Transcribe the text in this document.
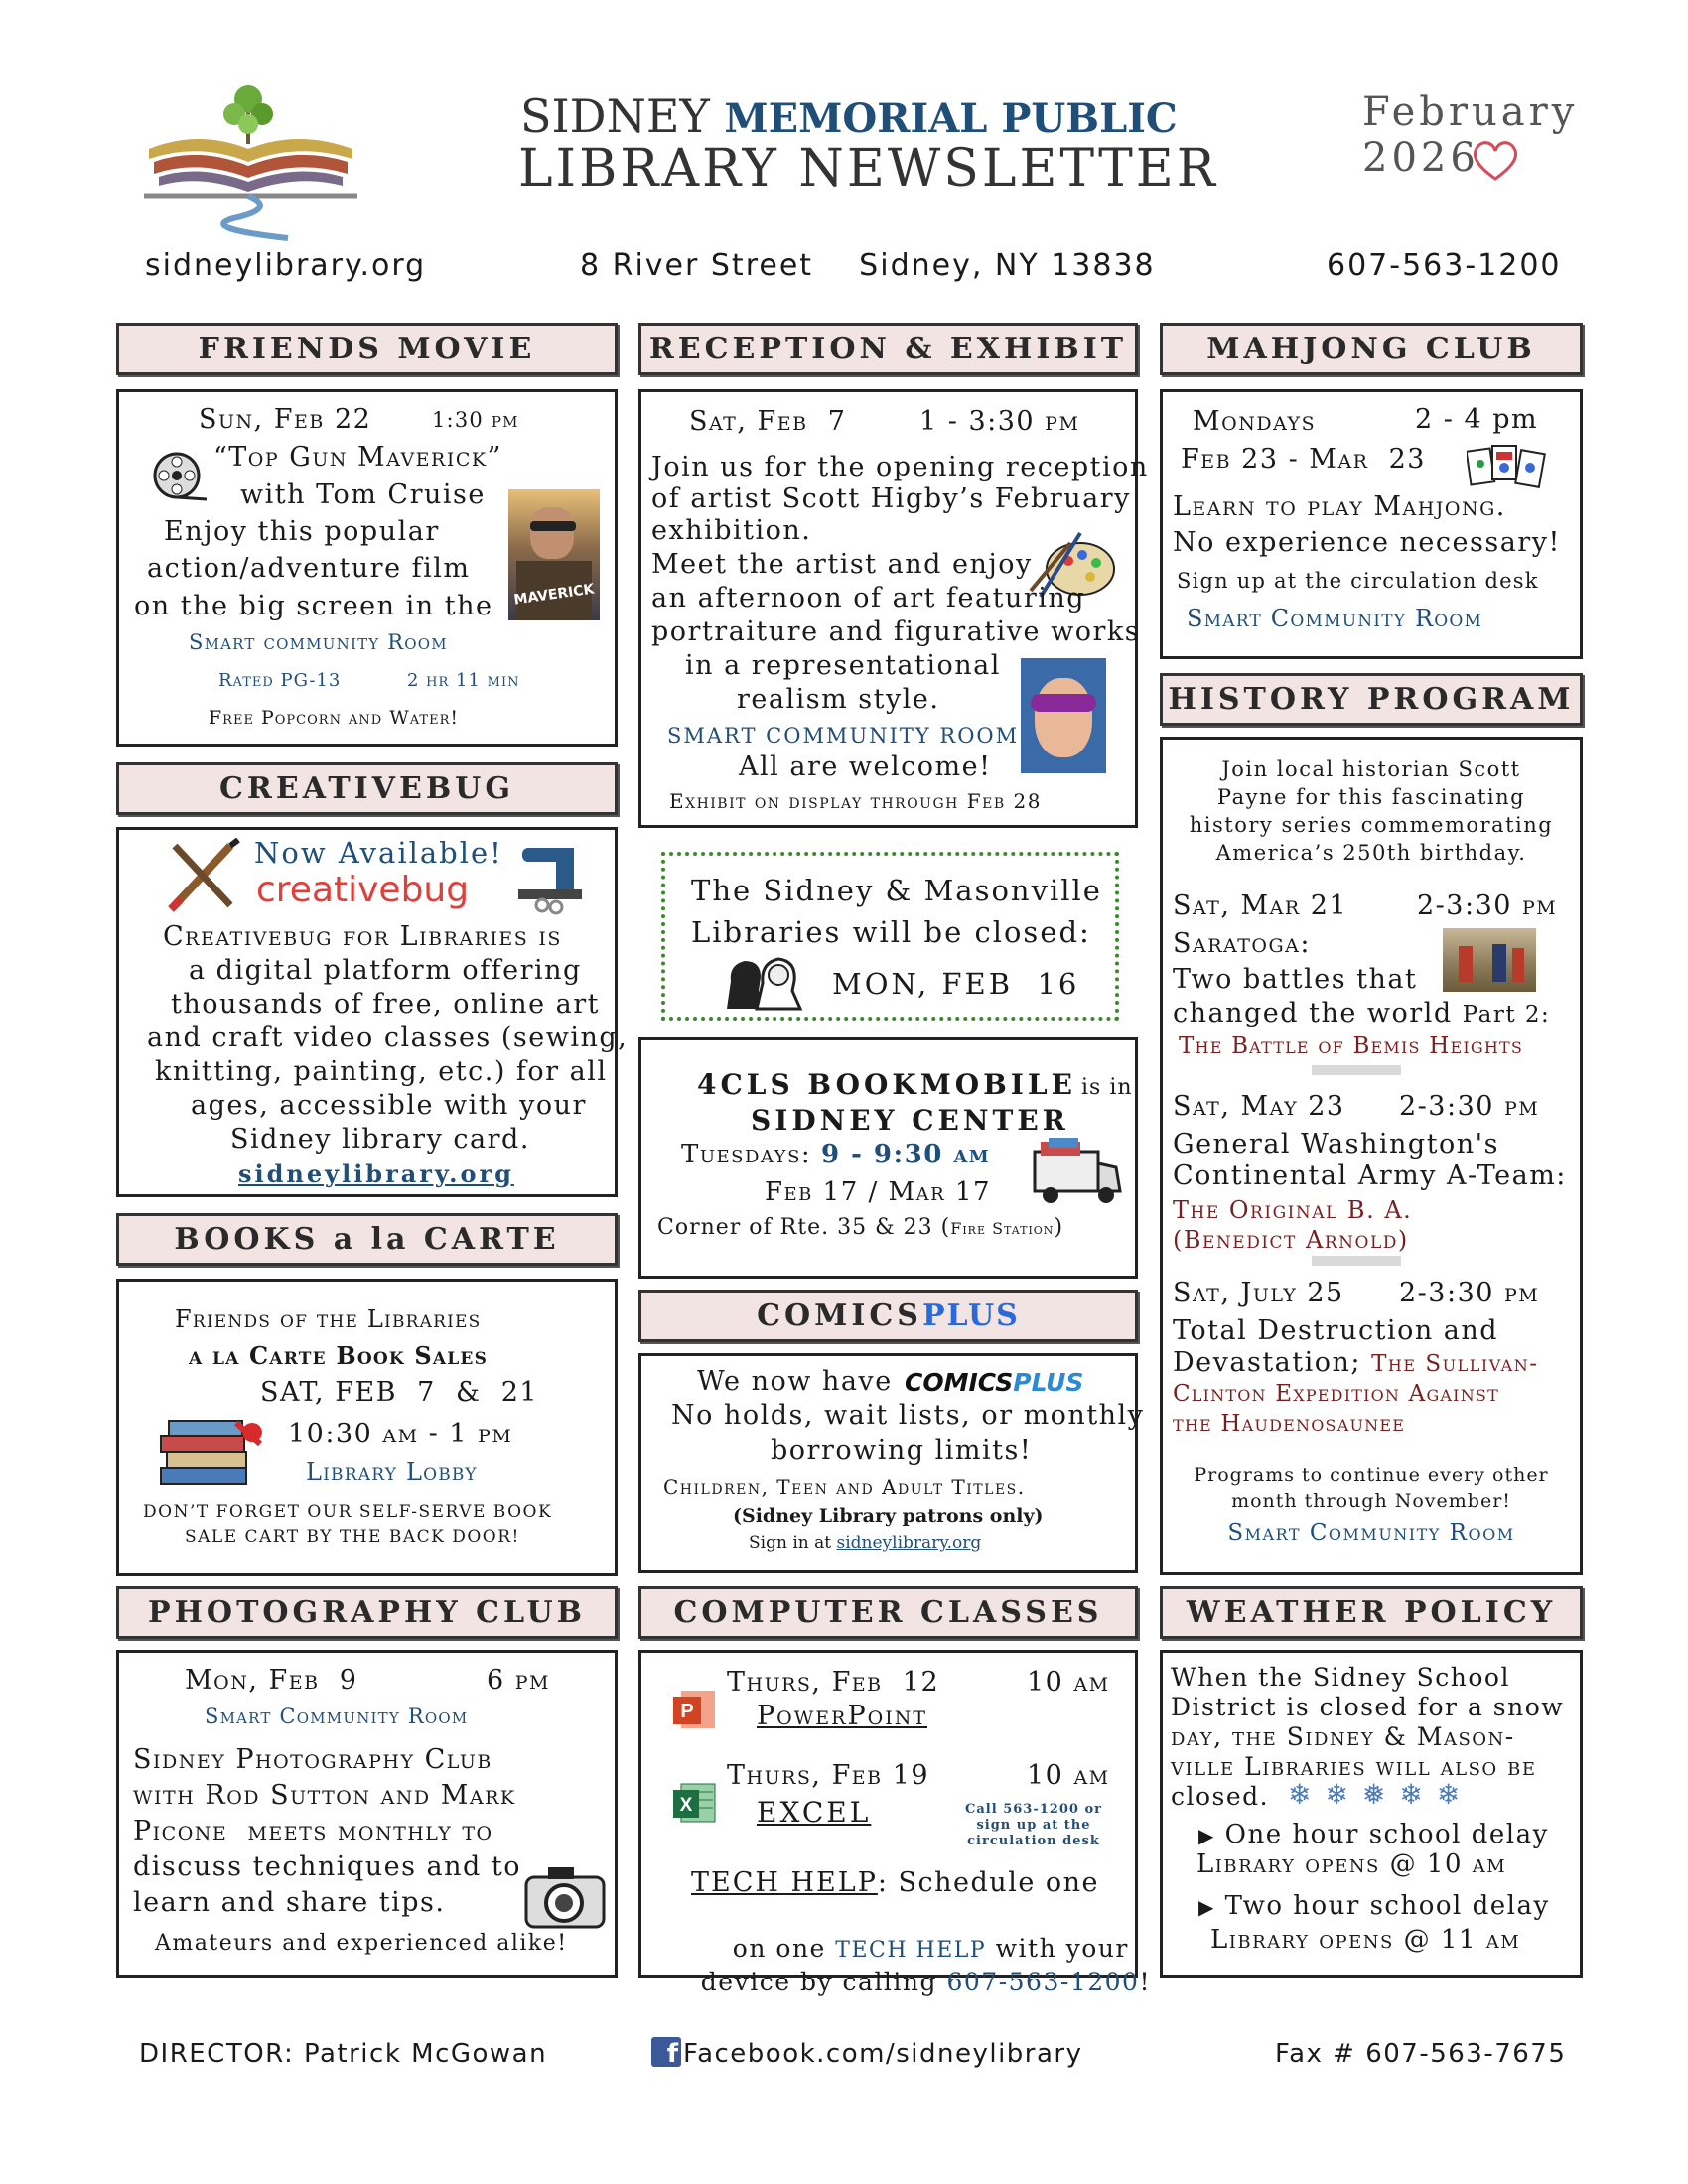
SIDNEY MEMORIAL PUBLIC
LIBRARY NEWSLETTER
February
2026
sidneylibrary.org	8 River Street    Sidney, NY 13838	607-563-1200
FRIENDS MOVIE
Sun, Feb 22	1:30 pm
“Top Gun Maverick”
with Tom Cruise
MAVERICK
Enjoy this popular
action/adventure film
on the big screen in the
Smart community Room
Rated PG-13	2 hr 11 min
Free Popcorn and Water!
CREATIVEBUG
Now Available!
creativebug
Creativebug for Libraries is
a digital platform offering
thousands of free, online art
and craft video classes (sewing,
knitting, painting, etc.) for all
ages, accessible with your
Sidney library card.
sidneylibrary.org
BOOKS a la CARTE
Friends of the Libraries
a la Carte Book Sales
SAT, FEB  7  &  21
10:30 am - 1 pm
Library Lobby
DON’T FORGET OUR SELF-SERVE BOOK
SALE CART BY THE BACK DOOR!
PHOTOGRAPHY CLUB
Mon, Feb  9	6 pm
Smart Community Room
Sidney Photography Club
with Rod Sutton and Mark
Picone  meets monthly to
discuss techniques and to
learn and share tips.
Amateurs and experienced alike!
RECEPTION & EXHIBIT
Sat, Feb  7	1 - 3:30 pm
Join us for the opening reception
of artist Scott Higby’s February
exhibition.
Meet the artist and enjoy
an afternoon of art featuring
portraiture and figurative works
in a representational
realism style.
SMART COMMUNITY ROOM
All are welcome!
Exhibit on display through Feb 28
The Sidney & Masonville
Libraries will be closed:
MON, FEB  16
4CLS BOOKMOBILE is in
SIDNEY CENTER
Tuesdays: 9 - 9:30 am
Feb 17 / Mar 17
Corner of Rte. 35 & 23 (Fire Station)
COMICS PLUS
We now have COMICSPLUS
No holds, wait lists, or monthly
borrowing limits!
Children, Teen and Adult Titles.
(Sidney Library patrons only)
Sign in at sidneylibrary.org
COMPUTER CLASSES
P
Thurs, Feb  12	10 am
PowerPoint
X
Thurs, Feb 19	10 am
EXCEL	Call 563-1200 or
sign up at the
circulation desk
TECH HELP: Schedule one

on one TECH HELP with your

device by calling 607-563-1200!

MAHJONG CLUB
Mondays	2 - 4 pm
Feb 23 - Mar  23
Learn to play Mahjong.
No experience necessary!
Sign up at the circulation desk
Smart Community Room
HISTORY PROGRAM
Join local historian Scott
Payne for this fascinating
history series commemorating
America’s 250th birthday.
Sat, Mar 21	2-3:30 pm
Saratoga:
Two battles that
changed the world Part 2:
The Battle of Bemis Heights
Sat, May 23 2-3:30 pm
General Washington's
Continental Army A-Team:
The Original B. A.
(Benedict Arnold)
Sat, July 25 2-3:30 pm
Total Destruction and
Devastation; The Sullivan-
Clinton Expedition Against
the Haudenosaunee
Programs to continue every other
month through November!
Smart Community Room
WEATHER POLICY
When the Sidney School
District is closed for a snow
day, the Sidney & Mason-
ville Libraries will also be
closed. ❄❄❅❄❄
▶ One hour school delay
Library opens @ 10 am
▶ Two hour school delay
Library opens @ 11 am
DIRECTOR: Patrick McGowan	f Facebook.com/sidneylibrary	Fax # 607-563-7675
